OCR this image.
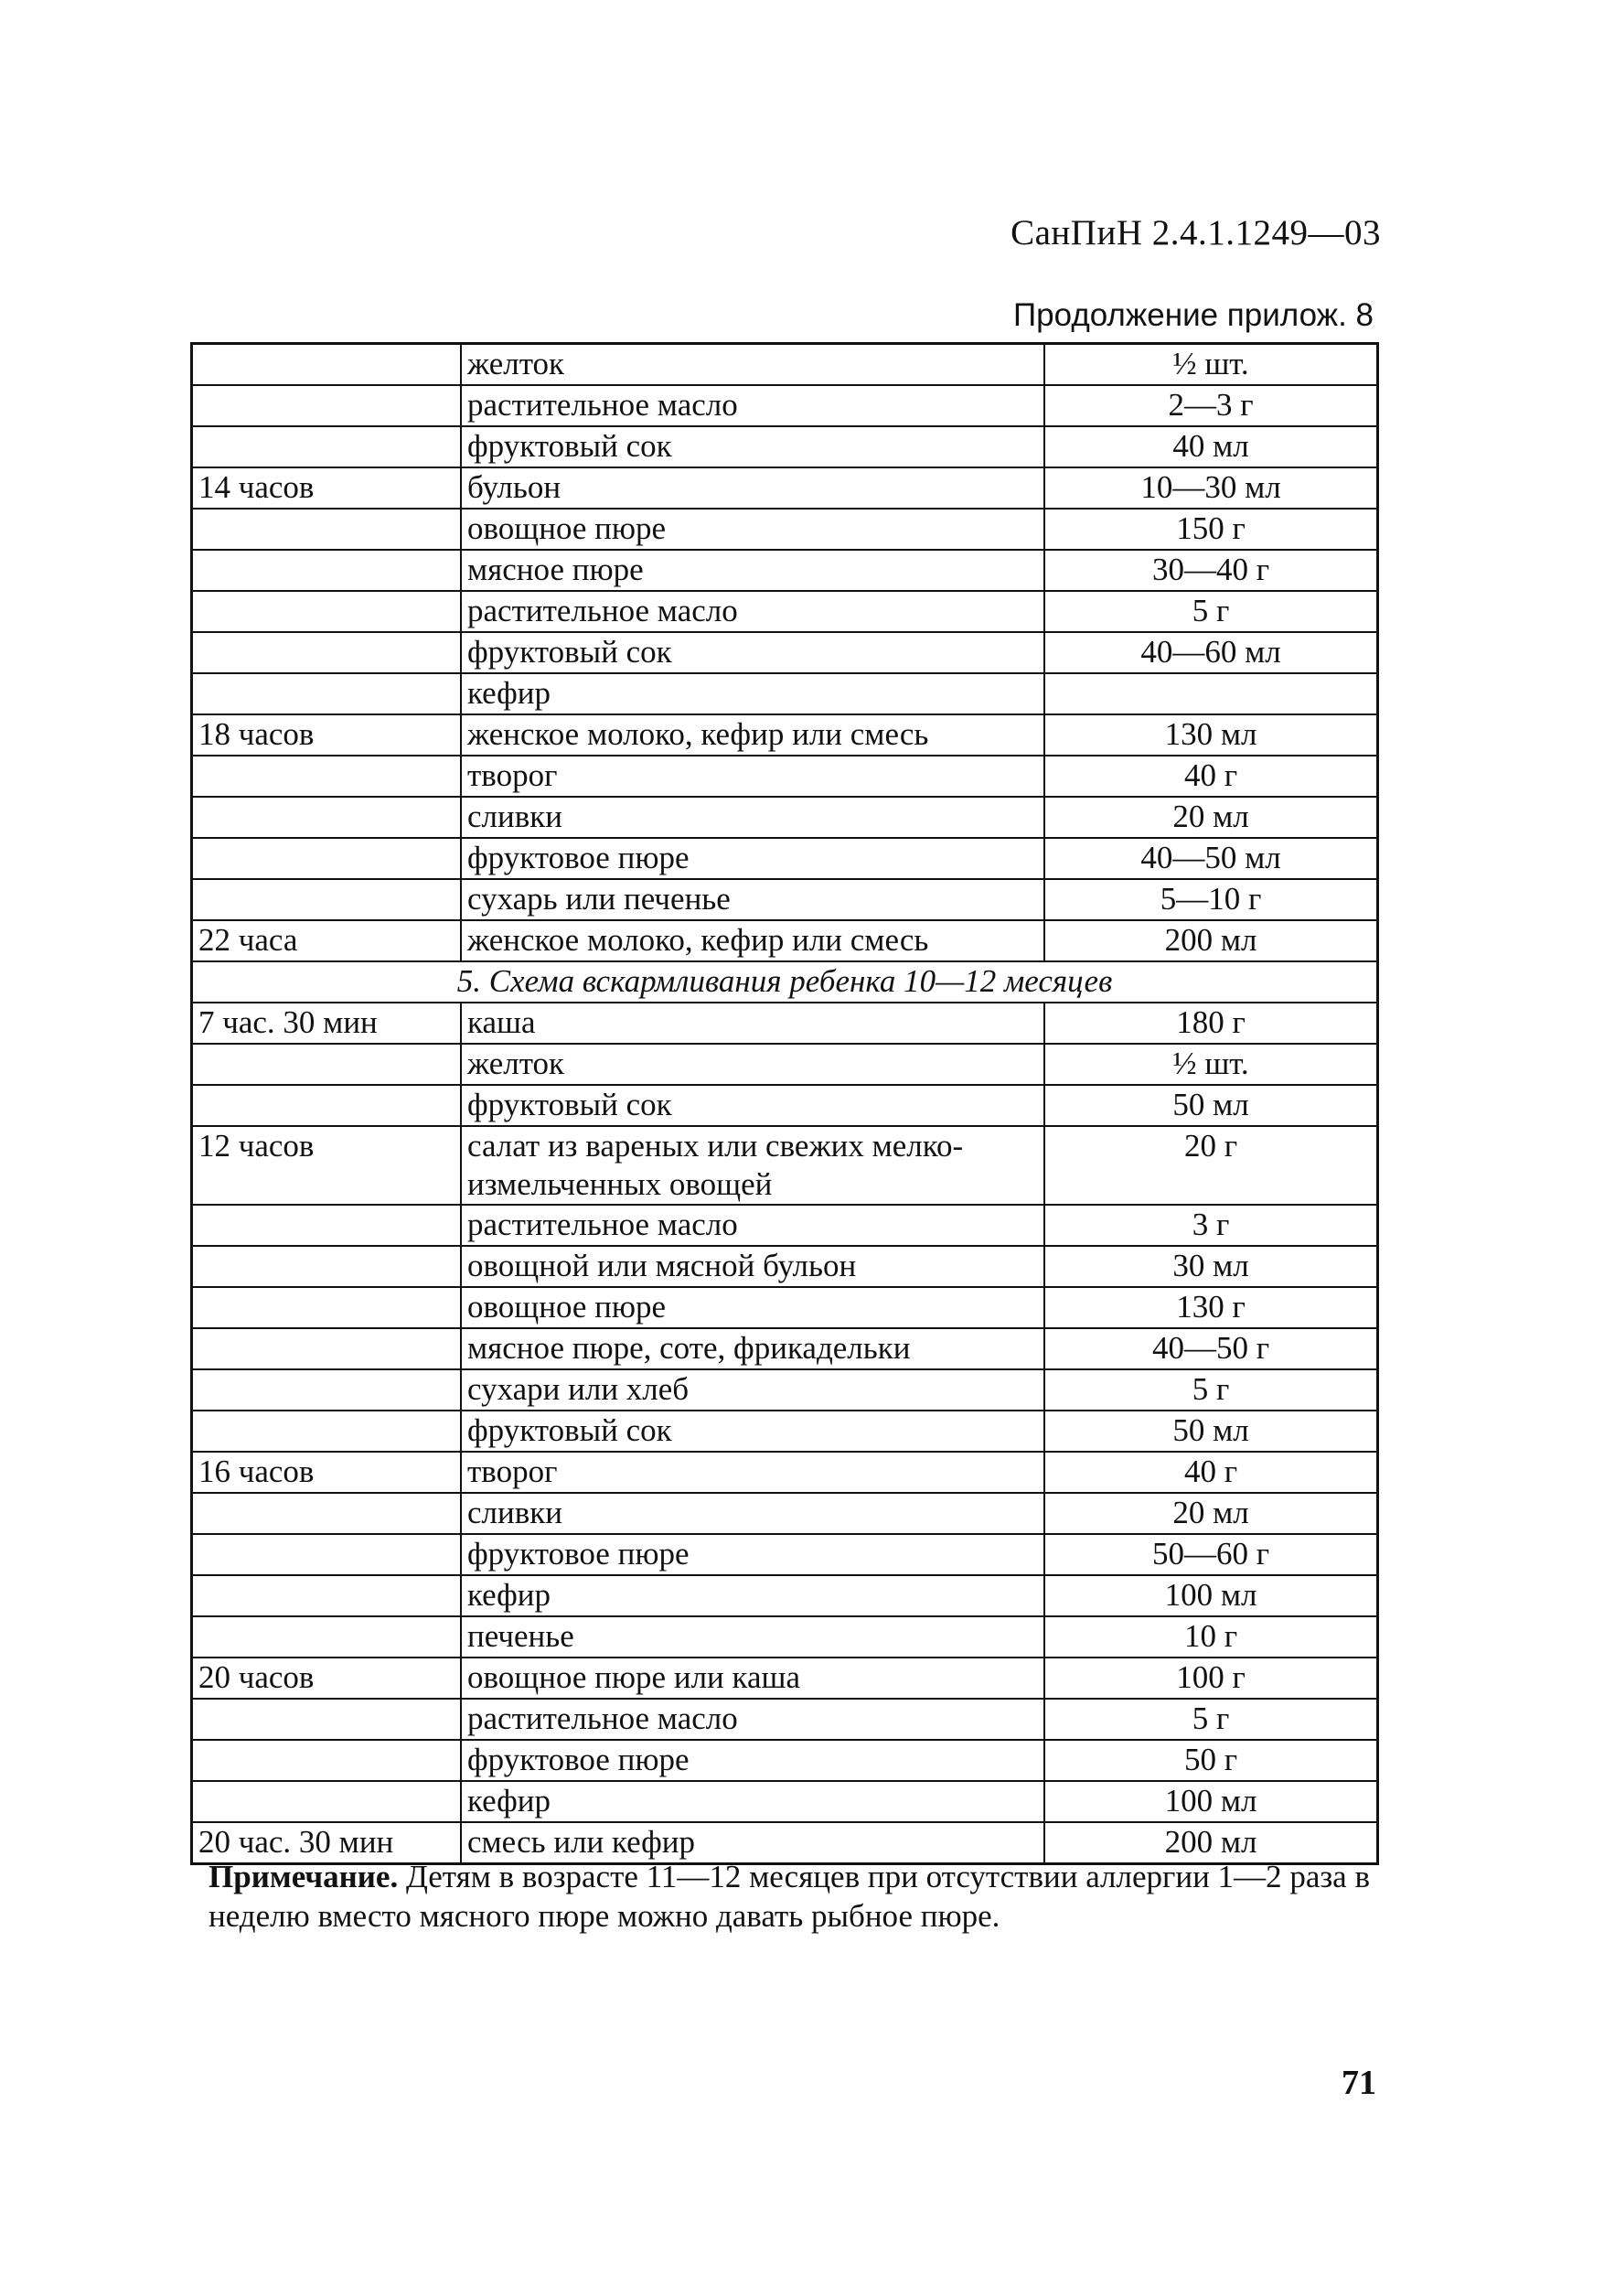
СанПиН 2.4.1.1249—03
Продолжение прилож. 8
	желток	½ шт.
	растительное масло	2—3 г
	фруктовый сок	40 мл
14 часов	бульон	10—30 мл
	овощное пюре	150 г
	мясное пюре	30—40 г
	растительное масло	5 г
	фруктовый сок	40—60 мл
	кефир	
18 часов	женское молоко, кефир или смесь	130 мл
	творог	40 г
	сливки	20 мл
	фруктовое пюре	40—50 мл
	сухарь или печенье	5—10 г
22 часа	женское молоко, кефир или смесь	200 мл
5. Схема вскармливания ребенка 10—12 месяцев		
7 час. 30 мин	каша	180 г
	желток	½ шт.
	фруктовый сок	50 мл
12 часов	салат из вареных или свежих мелко-измельченных овощей	20 г
	растительное масло	3 г
	овощной или мясной бульон	30 мл
	овощное пюре	130 г
	мясное пюре, соте, фрикадельки	40—50 г
	сухари или хлеб	5 г
	фруктовый сок	50 мл
16 часов	творог	40 г
	сливки	20 мл
	фруктовое пюре	50—60 г
	кефир	100 мл
	печенье	10 г
20 часов	овощное пюре или каша	100 г
	растительное масло	5 г
	фруктовое пюре	50 г
	кефир	100 мл
20 час. 30 мин	смесь или кефир	200 мл
Примечание. Детям в возрасте 11—12 месяцев при отсутствии аллергии 1—2 раза в неделю вместо мясного пюре можно давать рыбное пюре.
71
